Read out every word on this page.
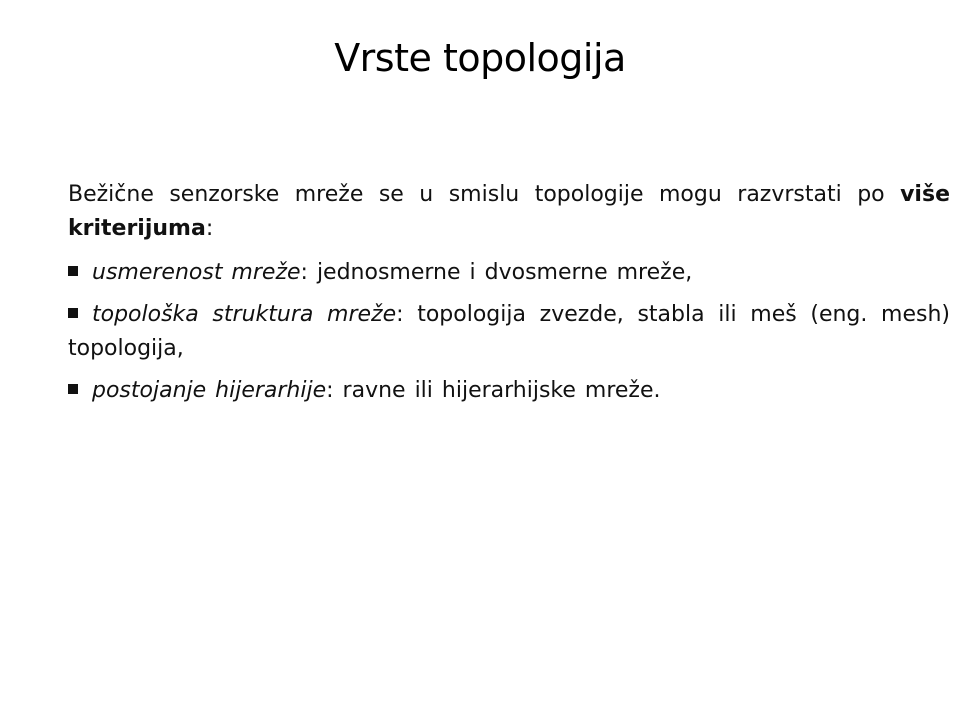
Vrste topologija

Bežične senzorske mreže se u smislu topologije mogu razvrstati po više kriterijuma:

usmerenost mreže: jednosmerne i dvosmerne mreže,
topološka struktura mreže: topologija zvezde, stabla ili meš (eng. mesh) topologija,
postojanje hijerarhije: ravne ili hijerarhijske mreže.
